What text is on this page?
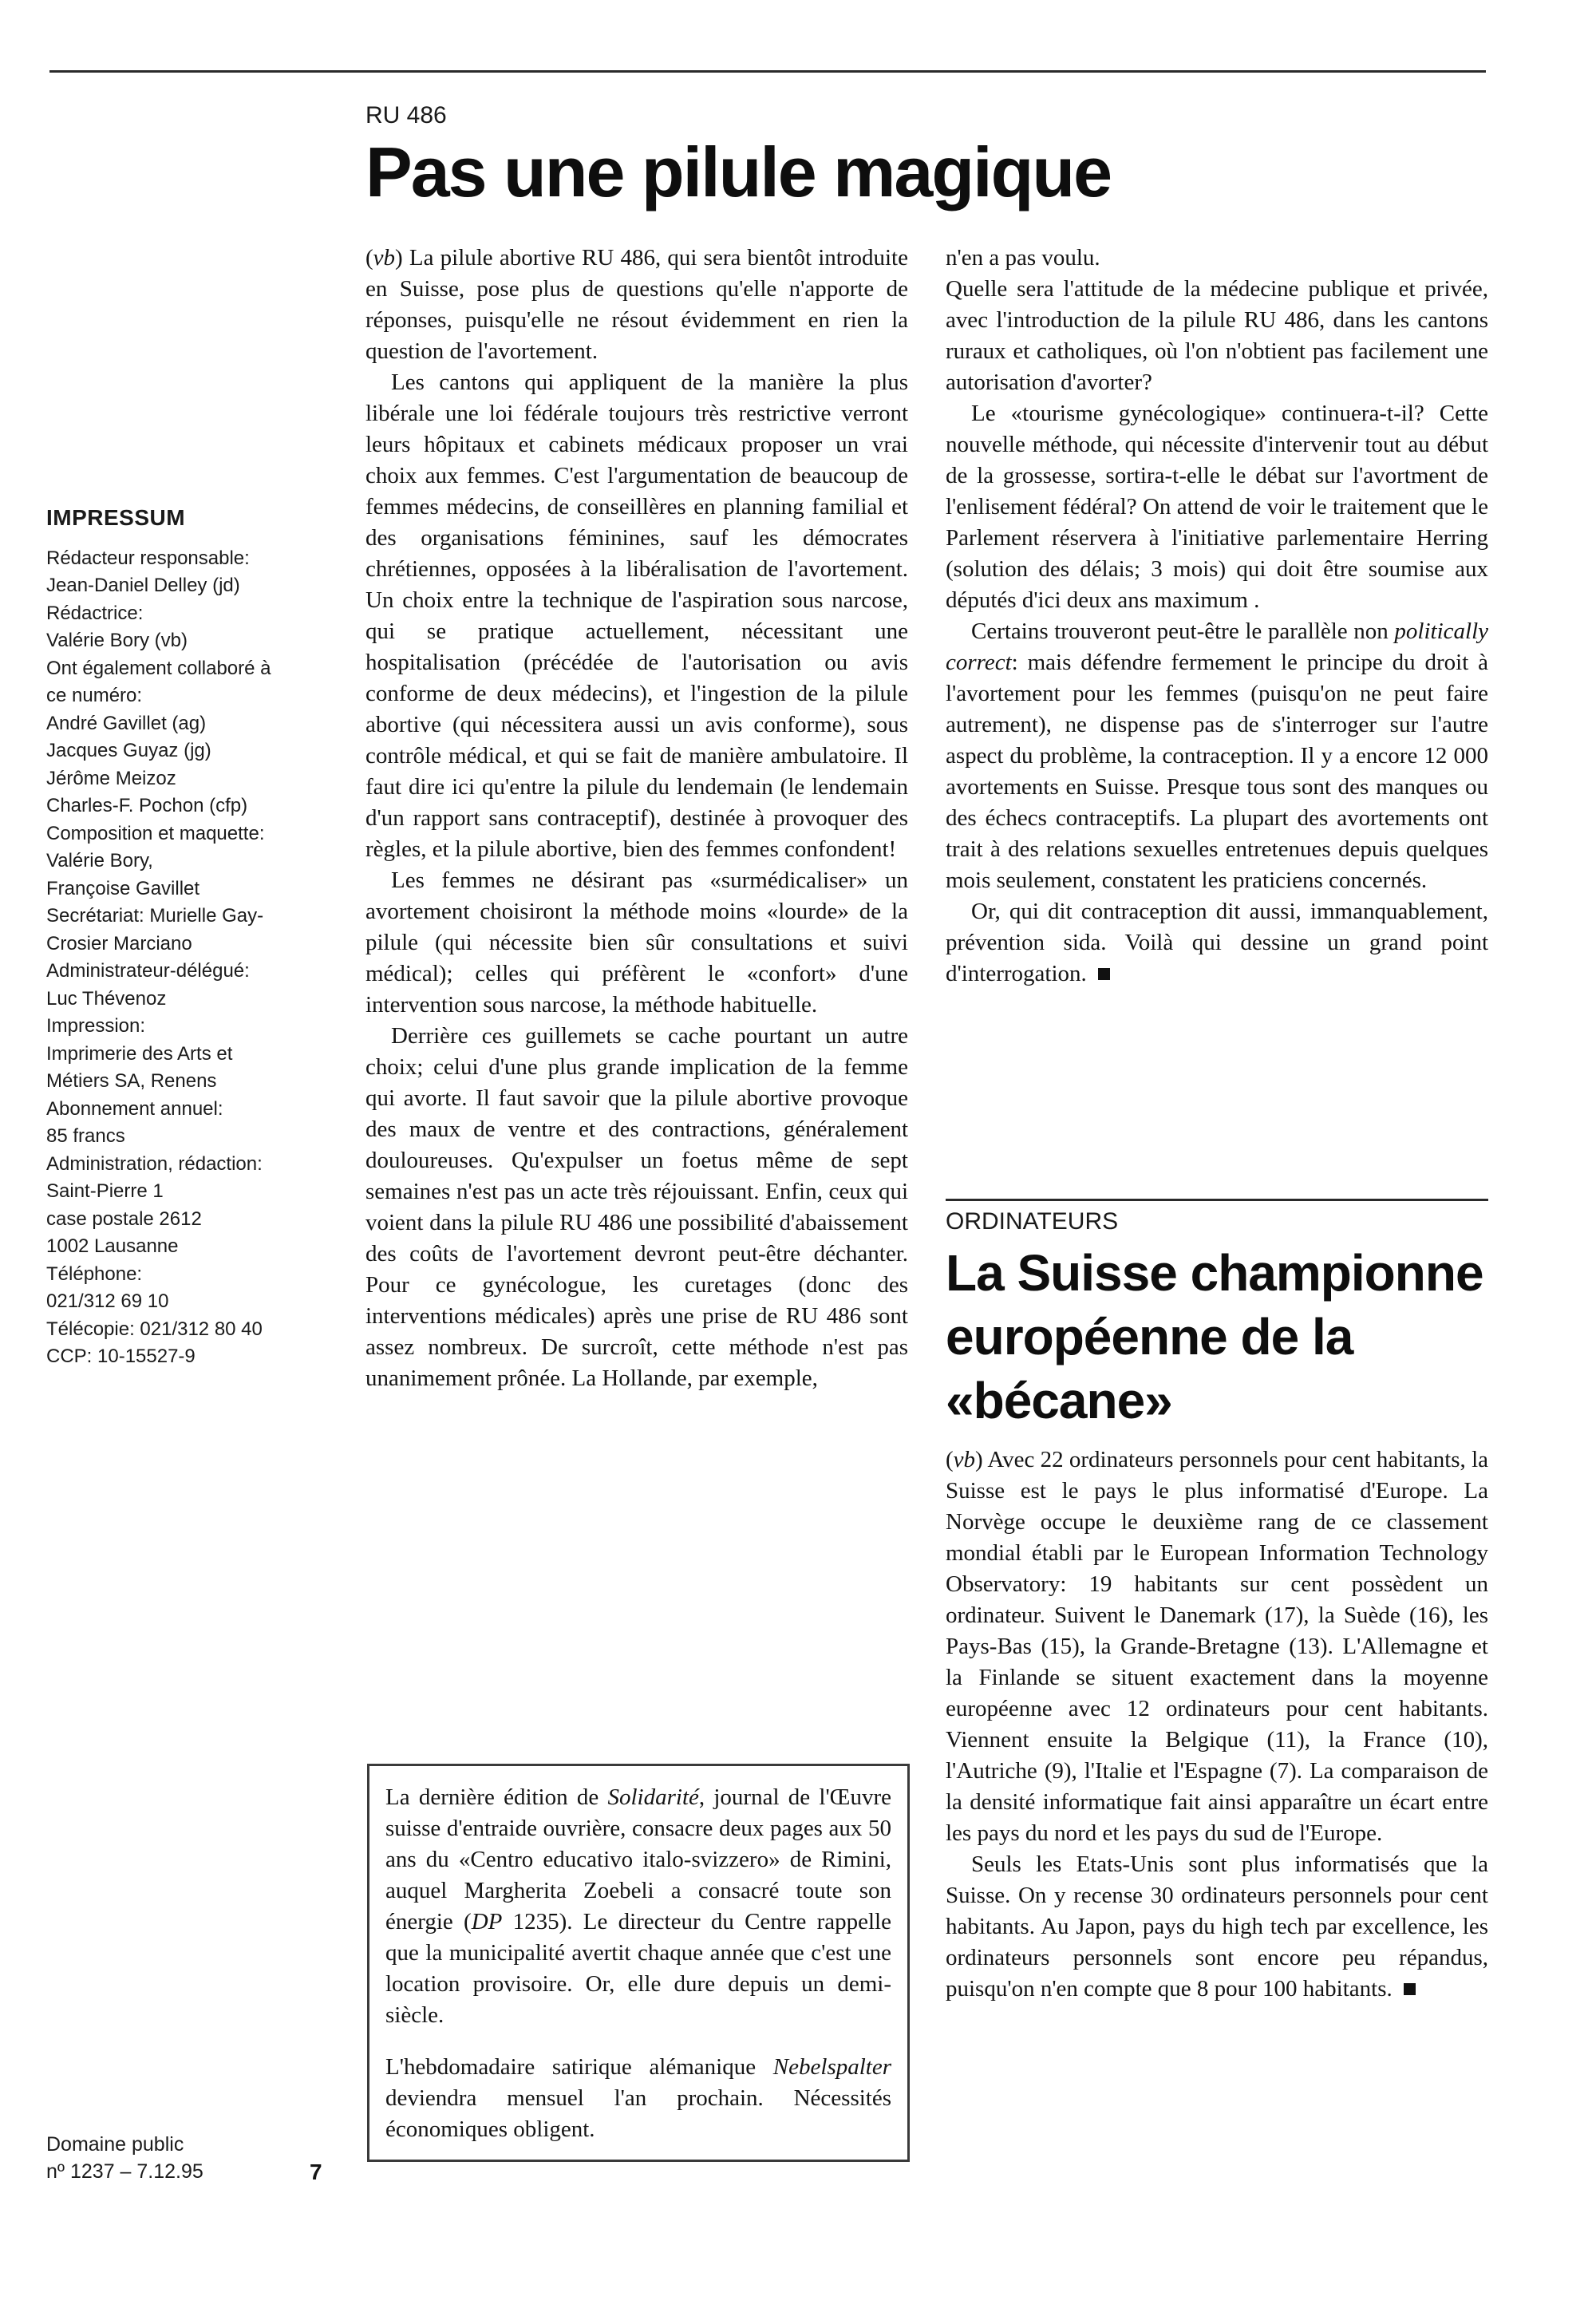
IMPRESSUM
Rédacteur responsable:
Jean-Daniel Delley (jd)
Rédactrice:
Valérie Bory (vb)
Ont également collaboré à
ce numéro:
André Gavillet (ag)
Jacques Guyaz (jg)
Jérôme Meizoz
Charles-F. Pochon (cfp)
Composition et maquette:
Valérie Bory,
Françoise Gavillet
Secrétariat: Murielle Gay-
Crosier Marciano
Administrateur-délégué:
Luc Thévenoz
Impression:
Imprimerie des Arts et
Métiers SA, Renens
Abonnement annuel:
85 francs
Administration, rédaction:
Saint-Pierre 1
case postale 2612
1002 Lausanne
Téléphone:
021/312 69 10
Télécopie: 021/312 80 40
CCP: 10-15527-9
Domaine public
nº 1237 – 7.12.95	7
RU 486
Pas une pilule magique

(vb) La pilule abortive RU 486, qui sera bientôt introduite en Suisse, pose plus de questions qu'elle n'apporte de réponses, puisqu'elle ne résout évidemment en rien la question de l'avortement.

Les cantons qui appliquent de la manière la plus libérale une loi fédérale toujours très restrictive verront leurs hôpitaux et cabinets médicaux proposer un vrai choix aux femmes. C'est l'argumentation de beaucoup de femmes médecins, de conseillères en planning familial et des organisations féminines, sauf les démocrates chrétiennes, opposées à la libéralisation de l'avortement. Un choix entre la technique de l'aspiration sous narcose, qui se pratique actuellement, nécessitant une hospitalisation (précédée de l'autorisation ou avis conforme de deux médecins), et l'ingestion de la pilule abortive (qui nécessitera aussi un avis conforme), sous contrôle médical, et qui se fait de manière ambulatoire. Il faut dire ici qu'entre la pilule du lendemain (le lendemain d'un rapport sans contraceptif), destinée à provoquer des règles, et la pilule abortive, bien des femmes confondent!

Les femmes ne désirant pas «surmédicaliser» un avortement choisiront la méthode moins «lourde» de la pilule (qui nécessite bien sûr consultations et suivi médical); celles qui préfèrent le «confort» d'une intervention sous narcose, la méthode habituelle.

Derrière ces guillemets se cache pourtant un autre choix; celui d'une plus grande implication de la femme qui avorte. Il faut savoir que la pilule abortive provoque des maux de ventre et des contractions, généralement douloureuses. Qu'expulser un foetus même de sept semaines n'est pas un acte très réjouissant. Enfin, ceux qui voient dans la pilule RU 486 une possibilité d'abaissement des coûts de l'avortement devront peut-être déchanter. Pour ce gynécologue, les curetages (donc des interventions médicales) après une prise de RU 486 sont assez nombreux. De surcroît, cette méthode n'est pas unanimement prônée. La Hollande, par exemple,

La dernière édition de Solidarité, journal de l'Œuvre suisse d'entraide ouvrière, consacre deux pages aux 50 ans du «Centro educativo italo-svizzero» de Rimini, auquel Margherita Zoebeli a consacré toute son énergie (DP 1235). Le directeur du Centre rappelle que la municipalité avertit chaque année que c'est une location provisoire. Or, elle dure depuis un demi-siècle.

L'hebdomadaire satirique alémanique Nebelspalter deviendra mensuel l'an prochain. Nécessités économiques obligent.

n'en a pas voulu.

Quelle sera l'attitude de la médecine publique et privée, avec l'introduction de la pilule RU 486, dans les cantons ruraux et catholiques, où l'on n'obtient pas facilement une autorisation d'avorter?

Le «tourisme gynécologique» continuera-t-il? Cette nouvelle méthode, qui nécessite d'intervenir tout au début de la grossesse, sortira-t-elle le débat sur l'avortment de l'enlisement fédéral? On attend de voir le traitement que le Parlement réservera à l'initiative parlementaire Herring (solution des délais; 3 mois) qui doit être soumise aux députés d'ici deux ans maximum .

Certains trouveront peut-être le parallèle non politically correct: mais défendre fermement le principe du droit à l'avortement pour les femmes (puisqu'on ne peut faire autrement), ne dispense pas de s'interroger sur l'autre aspect du problème, la contraception. Il y a encore 12 000 avortements en Suisse. Presque tous sont des manques ou des échecs contraceptifs. La plupart des avortements ont trait à des relations sexuelles entretenues depuis quelques mois seulement, constatent les praticiens concernés.

Or, qui dit contraception dit aussi, immanquablement, prévention sida. Voilà qui dessine un grand point d'interrogation.

ORDINATEURS
La Suisse championne européenne de la «bécane»

(vb) Avec 22 ordinateurs personnels pour cent habitants, la Suisse est le pays le plus informatisé d'Europe. La Norvège occupe le deuxième rang de ce classement mondial établi par le European Information Technology Observatory: 19 habitants sur cent possèdent un ordinateur. Suivent le Danemark (17), la Suède (16), les Pays-Bas (15), la Grande-Bretagne (13). L'Allemagne et la Finlande se situent exactement dans la moyenne européenne avec 12 ordinateurs pour cent habitants. Viennent ensuite la Belgique (11), la France (10), l'Autriche (9), l'Italie et l'Espagne (7). La comparaison de la densité informatique fait ainsi apparaître un écart entre les pays du nord et les pays du sud de l'Europe.

Seuls les Etats-Unis sont plus informatisés que la Suisse. On y recense 30 ordinateurs personnels pour cent habitants. Au Japon, pays du high tech par excellence, les ordinateurs personnels sont encore peu répandus, puisqu'on n'en compte que 8 pour 100 habitants.
